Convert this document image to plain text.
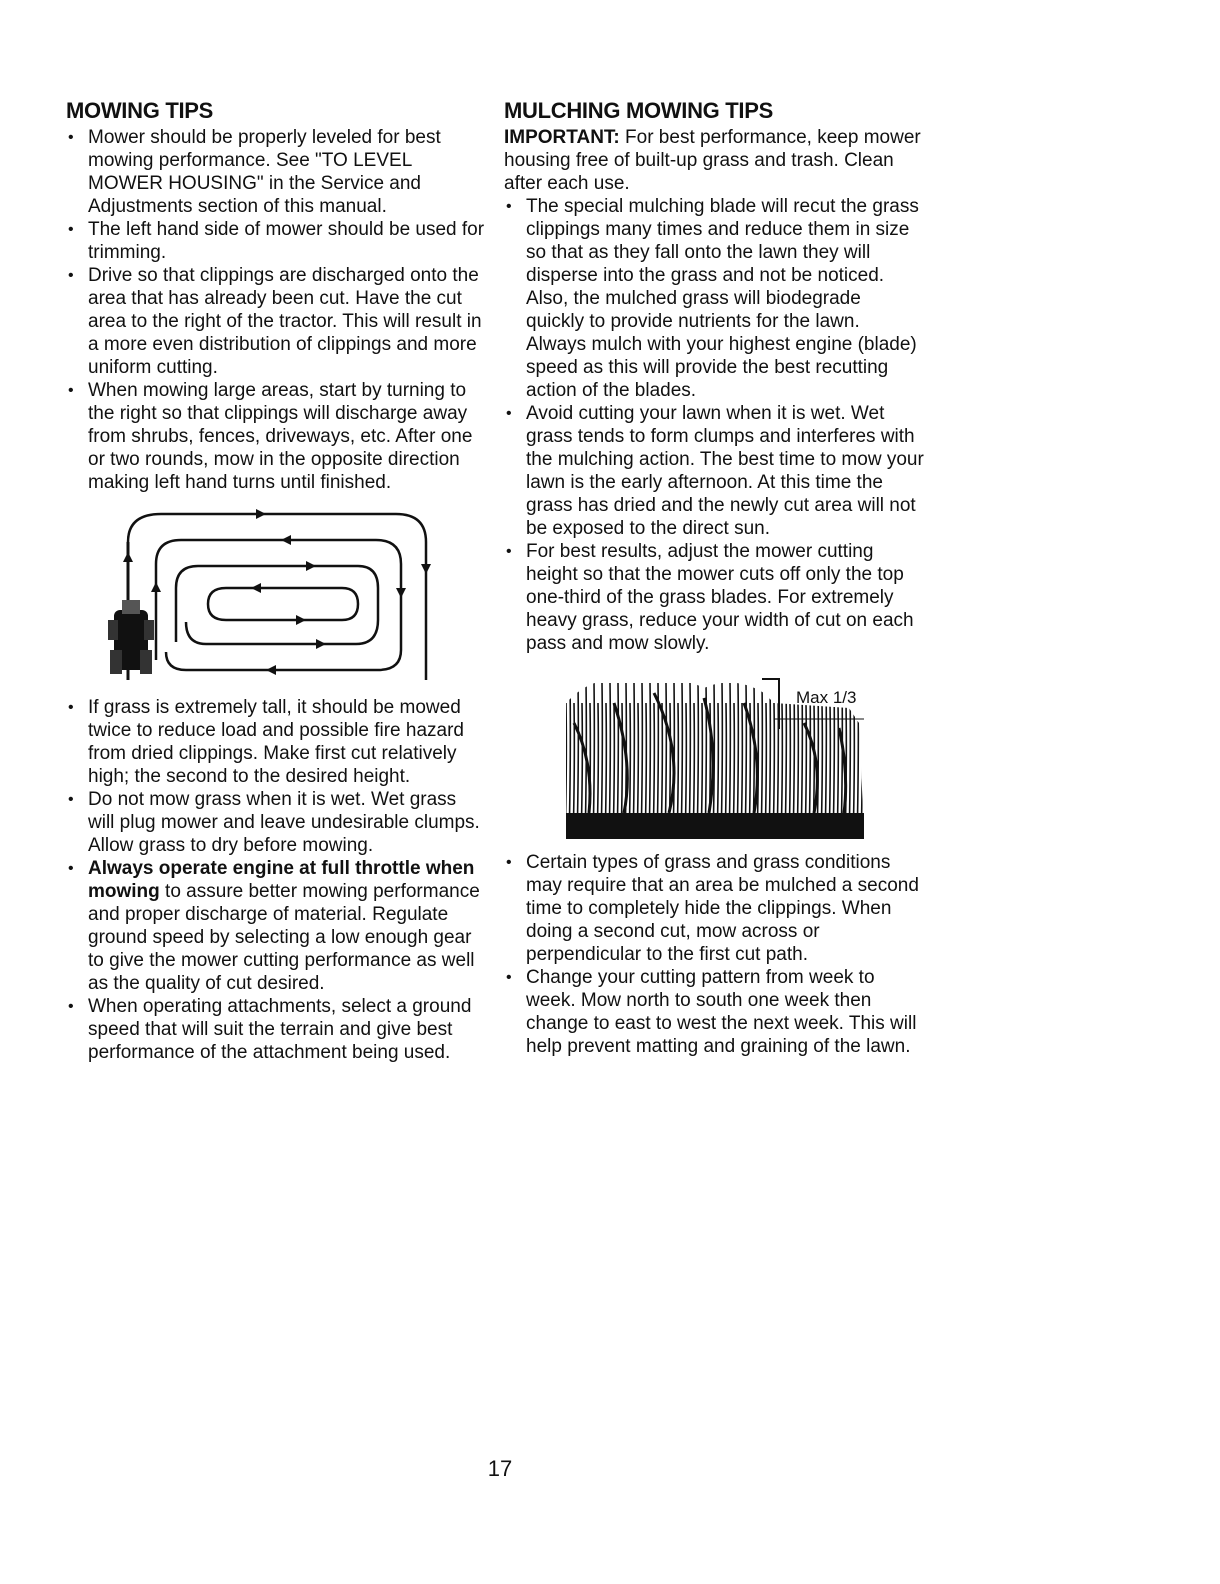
MOWING TIPS
• Mower should be properly leveled for best mowing performance. See "TO LEVEL MOWER HOUSING" in the Service and Adjustments section of this manual.
• The left hand side of mower should be used for trimming.
• Drive so that clippings are discharged onto the area that has already been cut. Have the cut area to the right of the tractor. This will result in a more even distribution of clippings and more uniform cutting.
• When mowing large areas, start by turning to the right so that clippings will discharge away from shrubs, fences, driveways, etc. After one or two rounds, mow in the opposite direction making left hand turns until finished.
• If grass is extremely tall, it should be mowed twice to reduce load and possible fire hazard from dried clippings. Make first cut relatively high; the second to the desired height.
• Do not mow grass when it is wet. Wet grass will plug mower and leave undesirable clumps. Allow grass to dry before mowing.
• Always operate engine at full throttle when mowing to assure better mowing performance and proper discharge of material. Regulate ground speed by selecting a low enough gear to give the mower cutting performance as well as the quality of cut desired.
• When operating attachments, select a ground speed that will suit the terrain and give best performance of the attachment being used.
MULCHING MOWING TIPS

IMPORTANT: For best performance, keep mower housing free of built-up grass and trash. Clean after each use.

• The special mulching blade will recut the grass clippings many times and reduce them in size so that as they fall onto the lawn they will disperse into the grass and not be noticed. Also, the mulched grass will biodegrade quickly to provide nutrients for the lawn. Always mulch with your highest engine (blade) speed as this will provide the best recutting action of the blades.
• Avoid cutting your lawn when it is wet. Wet grass tends to form clumps and interferes with the mulching action. The best time to mow your lawn is the early afternoon. At this time the grass has dried and the newly cut area will not be exposed to the direct sun.
• For best results, adjust the mower cutting height so that the mower cuts off only the top one-third of the grass blades. For extremely heavy grass, reduce your width of cut on each pass and mow slowly.
Max 1/3
• Certain types of grass and grass conditions may require that an area be mulched a second time to completely hide the clippings. When doing a second cut, mow across or perpendicular to the first cut path.
• Change your cutting pattern from week to week. Mow north to south one week then change to east to west the next week. This will help prevent matting and graining of the lawn.
17
